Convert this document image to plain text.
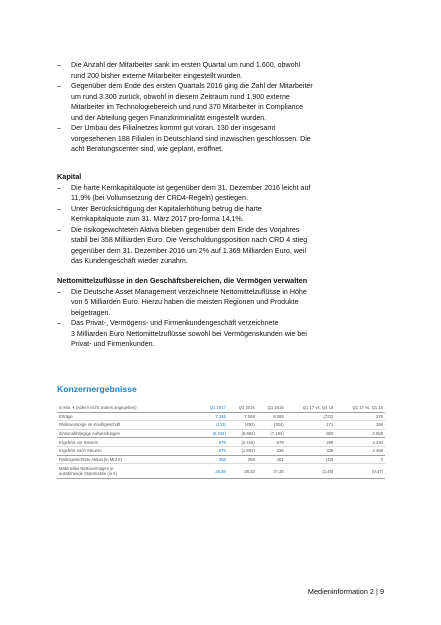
– Die Anzahl der Mitarbeiter sank im ersten Quartal um rund 1.600, obwohl
rund 200 bisher externe Mitarbeiter eingestellt wurden.
– Gegenüber dem Ende des ersten Quartals 2016 ging die Zahl der Mitarbeiter
um rund 3.300 zurück, obwohl in diesem Zeitraum rund 1.900 externe
Mitarbeiter im Technologiebereich und rund 370 Mitarbeiter in Compliance
und der Abteilung gegen Finanzkriminalität eingestellt wurden.
– Der Umbau des Filialnetzes kommt gut voran. 130 der insgesamt
vorgesehenen 188 Filialen in Deutschland sind inzwischen geschlossen. Die
acht Beratungscenter sind, wie geplant, eröffnet.

Kapital

– Die harte Kernkapitalquote ist gegenüber dem 31. Dezember 2016 leicht auf
11,9% (bei Vollumsetzung der CRD4-Regeln) gestiegen.
– Unter Berücksichtigung der Kapitalerhöhung betrug die harte
Kernkapitalquote zum 31. März 2017 pro-forma 14,1%.
– Die risikogewichteten Aktiva blieben gegenüber dem Ende des Vorjahres
stabil bei 358 Milliarden Euro. Die Verschuldungsposition nach CRD 4 stieg
gegenüber dem 31. Dezember 2016 um 2% auf 1.369 Milliarden Euro, weil
das Kundengeschäft wieder zunahm.

Nettomittelzuflüsse in den Geschäftsbereichen, die Vermögen verwalten

– Die Deutsche Asset Management verzeichnete Nettomittelzuflüsse in Höhe
von 5 Milliarden Euro. Hierzu haben die meisten Regionen und Produkte
beigetragen.
– Das Privat-, Vermögens- und Firmenkundengeschäft verzeichnete
3 Milliarden Euro Nettomittelzuflüsse sowohl bei Vermögenskunden wie bei
Privat- und Firmenkunden.

Konzernergebnisse

in Mio. € (sofern nicht anders angegeben)	Q1 2017	Q4 2016	Q1 2016	Q1 17 vs. Q4 16	Q1 17 vs. Q1 16
Erträge	7.346	7.068	8.068	(722)	278
Risikovorsorge im Kreditgeschäft	(133)	(492)	(304)	171	359
Zinsunabhängige Aufwendungen	(6.334)	(6.992)	(7.184)	850	2.658
Ergebnis vor Steuern	878	(2.416)	579	299	3.294
Ergebnis nach Steuern	575	(1.891)	236	338	2.466
Risikogewichtete Aktiva (in Mrd €)	358	358	401	(43)	0

Materielles Nettovermögen je
ausstehende Stammaktie (in €)	36,88	38,33	37,38	(1,45)	(0,47)
Medieninformation 2 | 9
